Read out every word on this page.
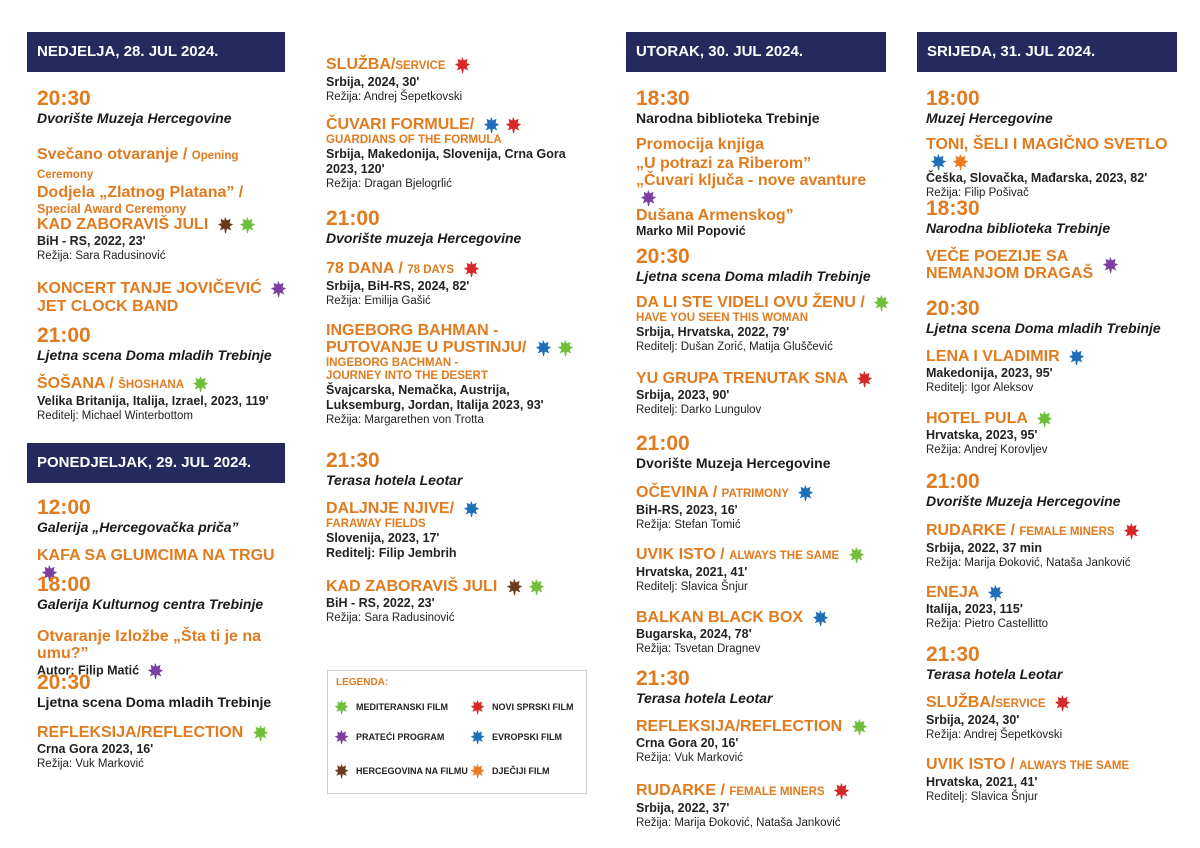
NEDJELJA, 28. JUL 2024.
20:30
Dvorište Muzeja Hercegovine
Svečano otvaranje / Opening Ceremony
Dodjela „Zlatnog Platana” /
Special Award Ceremony
KAD ZABORAVIŠ JULI
BiH - RS, 2022, 23'
Režija: Sara Radusinović
KONCERT TANJE JOVIČEVIĆ
JET CLOCK BAND
21:00
Ljetna scena Doma mladih Trebinje
ŠOŠANA / ŠHOSHANA
Velika Britanija, Italija, Izrael, 2023, 119'
Reditelj: Michael Winterbottom
PONEDJELJAK, 29. JUL 2024.
12:00
Galerija „Hercegovačka priča”
KAFA SA GLUMCIMA NA TRGU
18:00
Galerija Kulturnog centra Trebinje
Otvaranje Izložbe „Šta ti je na umu?”
Autor: Filip Matić
20:30
Ljetna scena Doma mladih Trebinje
REFLEKSIJA/REFLECTION
Crna Gora 2023, 16'
Režija: Vuk Marković
SLUŽBA/SERVICE
Srbija, 2024, 30'
Režija: Andrej Šepetkovski
ČUVARI FORMULE/
GUARDIANS OF THE FORMULA
Srbija, Makedonija, Slovenija, Crna Gora
2023, 120'
Režija: Dragan Bjelogrlić
21:00
Dvorište muzeja Hercegovine
78 DANA / 78 DAYS
Srbija, BiH-RS, 2024, 82'
Režija: Emilija Gašić
INGEBORG BAHMAN -
PUTOVANJE U PUSTINJU/
INGEBORG BACHMAN -
JOURNEY INTO THE DESERT
Švajcarska, Nemačka, Austrija,
Luksemburg, Jordan, Italija 2023, 93'
Režija: Margarethen von Trotta
21:30
Terasa hotela Leotar
DALJNJE NJIVE/
FARAWAY FIELDS
Slovenija, 2023, 17'
Reditelj: Filip Jembrih
KAD ZABORAVIŠ JULI
BiH - RS, 2022, 23'
Režija: Sara Radusinović
LEGENDA:
MEDITERANSKI FILM	NOVI SPRSKI FILM
PRATEĆI PROGRAM	EVROPSKI FILM
HERCEGOVINA NA FILMU	DJEČIJI FILM
UTORAK, 30. JUL 2024.
18:30
Narodna biblioteka Trebinje
Promocija knjiga
„U potrazi za Riberom”
„Čuvari ključa - nove avanture
Dušana Armenskog”
Marko Mil Popović
20:30
Ljetna scena Doma mladih Trebinje
DA LI STE VIDELI OVU ŽENU /
HAVE YOU SEEN THIS WOMAN
Srbija, Hrvatska, 2022, 79'
Reditelj: Dušan Zorić, Matija Gluščević
YU GRUPA TRENUTAK SNA
Srbija, 2023, 90'
Reditelj: Darko Lungulov
21:00
Dvorište Muzeja Hercegovine
OČEVINA / PATRIMONY
BiH-RS, 2023, 16'
Režija: Stefan Tomić
UVIK ISTO / ALWAYS THE SAME
Hrvatska, 2021, 41'
Reditelj: Slavica Šnjur
BALKAN BLACK BOX
Bugarska, 2024, 78'
Režija: Tsvetan Dragnev
21:30
Terasa hotela Leotar
REFLEKSIJA/REFLECTION
Crna Gora 20, 16'
Režija: Vuk Marković
RUDARKE / FEMALE MINERS
Srbija, 2022, 37'
Režija: Marija Đoković, Nataša Janković
SRIJEDA, 31. JUL 2024.
18:00
Muzej Hercegovine
TONI, ŠELI I MAGIČNO SVETLO
Češka, Slovačka, Mađarska, 2023, 82'
Režija: Filip Pošivač
18:30
Narodna biblioteka Trebinje
VEČE POEZIJE SA
NEMANJOM DRAGAŠ
20:30
Ljetna scena Doma mladih Trebinje
LENA I VLADIMIR
Makedonija, 2023, 95'
Reditelj: Igor Aleksov
HOTEL PULA
Hrvatska, 2023, 95'
Režija: Andrej Korovljev
21:00
Dvorište Muzeja Hercegovine
RUDARKE / FEMALE MINERS
Srbija, 2022, 37 min
Režija: Marija Đoković, Nataša Janković
ENEJA
Italija, 2023, 115'
Režija: Pietro Castellitto
21:30
Terasa hotela Leotar
SLUŽBA/SERVICE
Srbija, 2024, 30'
Režija: Andrej Šepetkovski
UVIK ISTO / ALWAYS THE SAME
Hrvatska, 2021, 41'
Reditelj: Slavica Šnjur
